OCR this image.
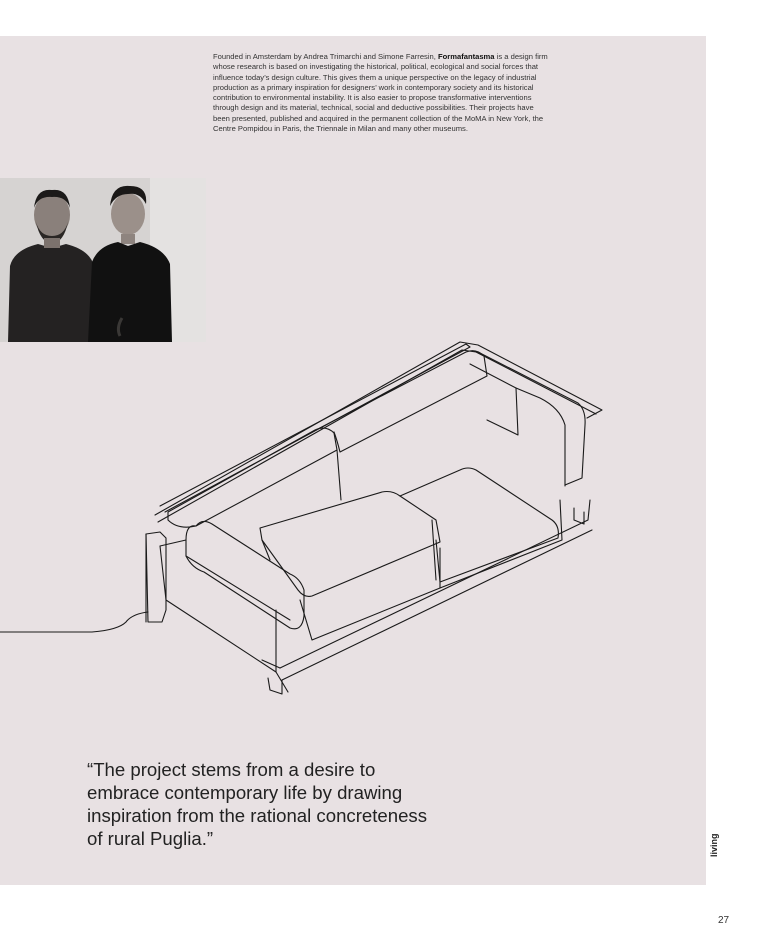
Founded in Amsterdam by Andrea Trimarchi and Simone Farresin, Formafantasma is a design firm whose research is based on investigating the historical, political, ecological and social forces that influence today’s design culture. This gives them a unique perspective on the legacy of industrial production as a primary inspiration for designers’ work in contemporary society and its historical contribution to environmental instability. It is also easier to propose transformative interventions through design and its material, technical, social and deductive possibilities. Their projects have been presented, published and acquired in the permanent collection of the MoMA in New York, the Centre Pompidou in Paris, the Triennale in Milan and many other museums.

“The project stems from a desire to embrace contemporary life by drawing inspiration from the rational concreteness of rural Puglia.”	living
27
